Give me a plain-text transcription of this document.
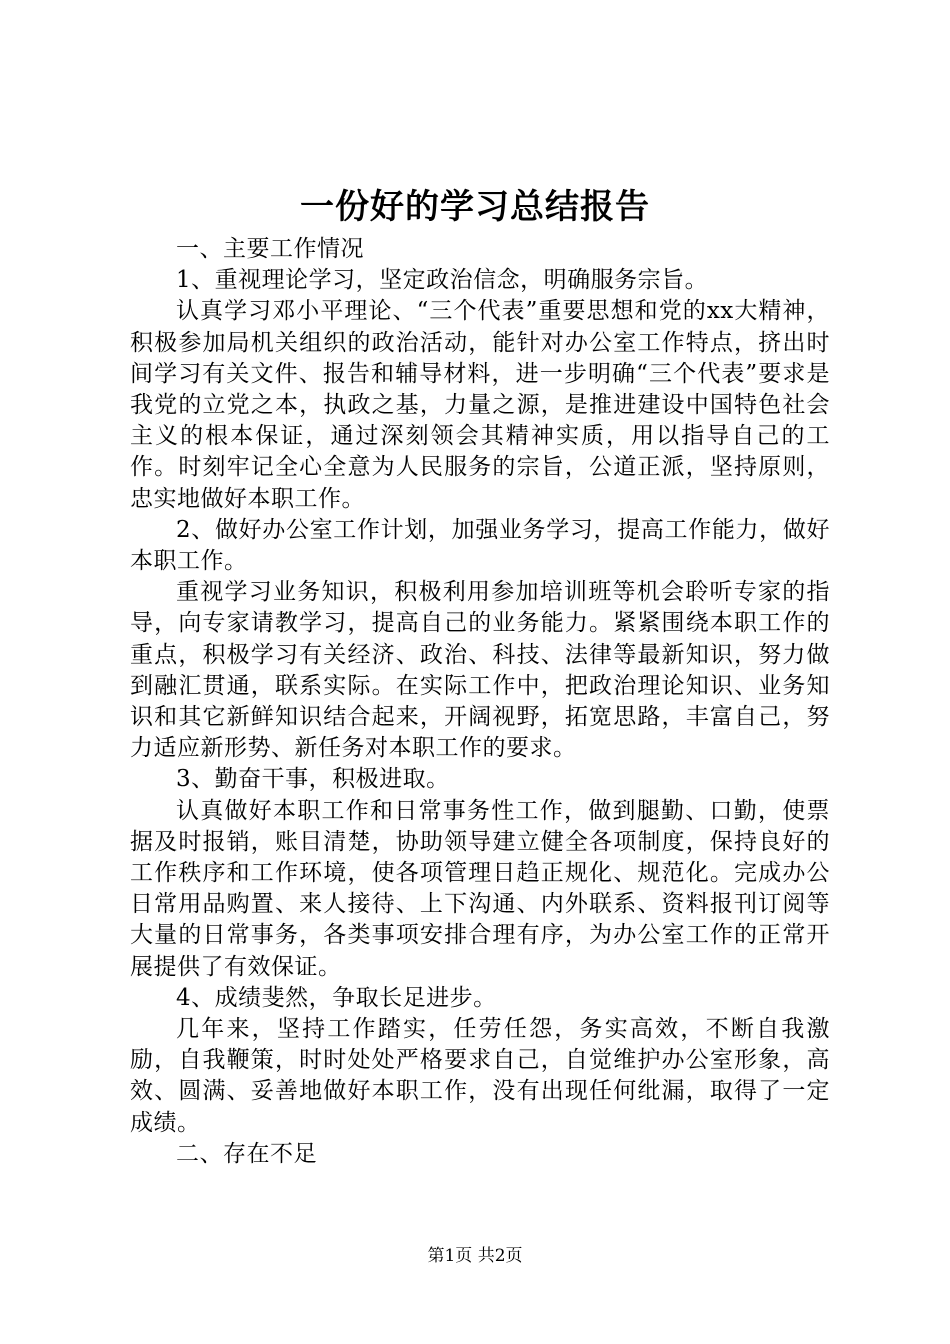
一份好的学习总结报告

一、主要工作情况

1、重视理论学习，坚定政治信念，明确服务宗旨。

认真学习邓小平理论、“三个代表”重要思想和党的xx大精神，积极参加局机关组织的政治活动，能针对办公室工作特点，挤出时间学习有关文件、报告和辅导材料，进一步明确“三个代表”要求是我党的立党之本，执政之基，力量之源，是推进建设中国特色社会主义的根本保证，通过深刻领会其精神实质，用以指导自己的工作。时刻牢记全心全意为人民服务的宗旨，公道正派，坚持原则，忠实地做好本职工作。

2、做好办公室工作计划，加强业务学习，提高工作能力，做好本职工作。

重视学习业务知识，积极利用参加培训班等机会聆听专家的指导，向专家请教学习，提高自己的业务能力。紧紧围绕本职工作的重点，积极学习有关经济、政治、科技、法律等最新知识，努力做到融汇贯通，联系实际。在实际工作中，把政治理论知识、业务知识和其它新鲜知识结合起来，开阔视野，拓宽思路，丰富自己，努力适应新形势、新任务对本职工作的要求。

3、勤奋干事，积极进取。

认真做好本职工作和日常事务性工作，做到腿勤、口勤，使票据及时报销，账目清楚，协助领导建立健全各项制度，保持良好的工作秩序和工作环境，使各项管理日趋正规化、规范化。完成办公日常用品购置、来人接待、上下沟通、内外联系、资料报刊订阅等大量的日常事务，各类事项安排合理有序，为办公室工作的正常开展提供了有效保证。

4、成绩斐然，争取长足进步。

几年来，坚持工作踏实，任劳任怨，务实高效，不断自我激励，自我鞭策，时时处处严格要求自己，自觉维护办公室形象，高效、圆满、妥善地做好本职工作，没有出现任何纰漏，取得了一定成绩。

二、存在不足

第1页 共2页
